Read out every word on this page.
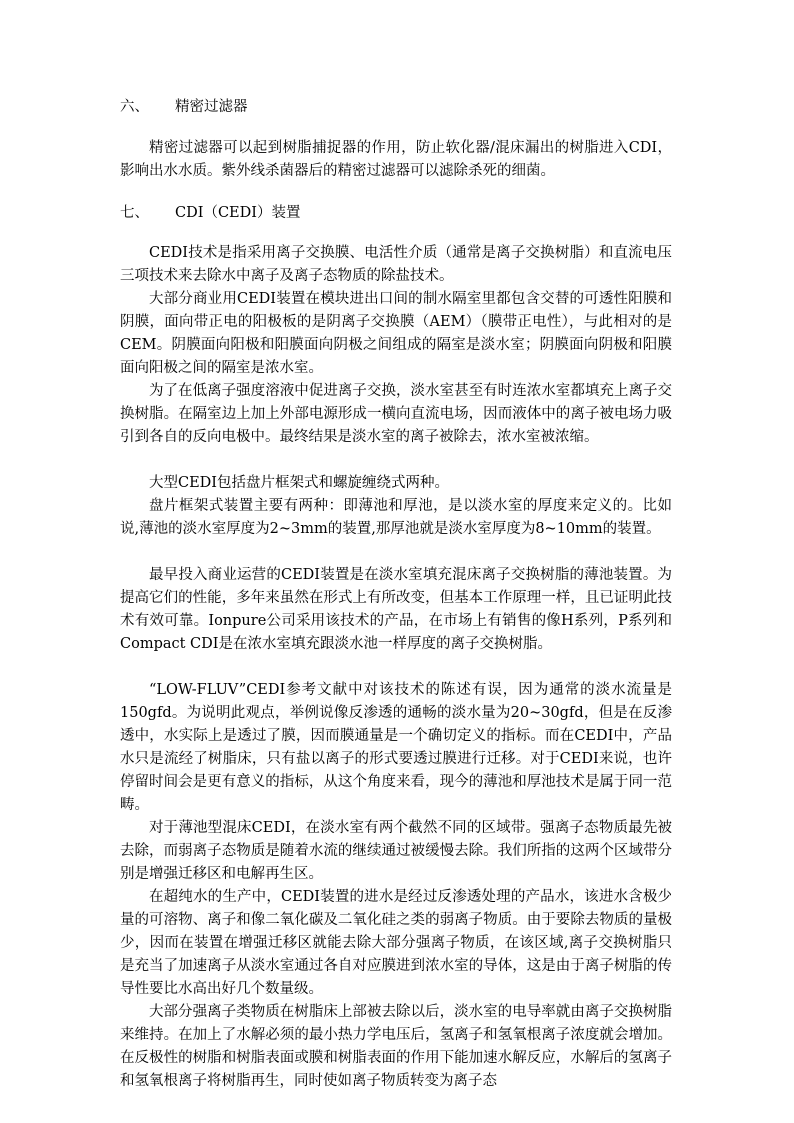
六、 精密过滤器

精密过滤器可以起到树脂捕捉器的作用，防止软化器/混床漏出的树脂进入CDI，影响出水水质。紫外线杀菌器后的精密过滤器可以滤除杀死的细菌。

七、 CDI（CEDI）装置

CEDI技术是指采用离子交换膜、电活性介质（通常是离子交换树脂）和直流电压三项技术来去除水中离子及离子态物质的除盐技术。

大部分商业用CEDI装置在模块进出口间的制水隔室里都包含交替的可透性阳膜和阴膜，面向带正电的阳极板的是阴离子交换膜（AEM）（膜带正电性），与此相对的是CEM。阴膜面向阳极和阳膜面向阴极之间组成的隔室是淡水室；阴膜面向阴极和阳膜面向阳极之间的隔室是浓水室。

为了在低离子强度溶液中促进离子交换，淡水室甚至有时连浓水室都填充上离子交换树脂。在隔室边上加上外部电源形成一横向直流电场，因而液体中的离子被电场力吸引到各自的反向电极中。最终结果是淡水室的离子被除去，浓水室被浓缩。

大型CEDI包括盘片框架式和螺旋缠绕式两种。

盘片框架式装置主要有两种：即薄池和厚池，是以淡水室的厚度来定义的。比如说,薄池的淡水室厚度为2~3mm的装置,那厚池就是淡水室厚度为8~10mm的装置。

最早投入商业运营的CEDI装置是在淡水室填充混床离子交换树脂的薄池装置。为提高它们的性能，多年来虽然在形式上有所改变，但基本工作原理一样，且已证明此技术有效可靠。Ionpure公司采用该技术的产品，在市场上有销售的像H系列，P系列和Compact CDI是在浓水室填充跟淡水池一样厚度的离子交换树脂。

“LOW-FLUV”CEDI参考文献中对该技术的陈述有误，因为通常的淡水流量是150gfd。为说明此观点，举例说像反渗透的通畅的淡水量为20~30gfd，但是在反渗透中，水实际上是透过了膜，因而膜通量是一个确切定义的指标。而在CEDI中，产品水只是流经了树脂床，只有盐以离子的形式要透过膜进行迁移。对于CEDI来说，也许停留时间会是更有意义的指标，从这个角度来看，现今的薄池和厚池技术是属于同一范畴。

对于薄池型混床CEDI，在淡水室有两个截然不同的区域带。强离子态物质最先被去除，而弱离子态物质是随着水流的继续通过被缓慢去除。我们所指的这两个区域带分别是增强迁移区和电解再生区。

在超纯水的生产中，CEDI装置的进水是经过反渗透处理的产品水，该进水含极少量的可溶物、离子和像二氧化碳及二氧化硅之类的弱离子物质。由于要除去物质的量极少，因而在装置在增强迁移区就能去除大部分强离子物质，在该区域,离子交换树脂只是充当了加速离子从淡水室通过各自对应膜进到浓水室的导体，这是由于离子树脂的传导性要比水高出好几个数量级。

大部分强离子类物质在树脂床上部被去除以后，淡水室的电导率就由离子交换树脂来维持。在加上了水解必须的最小热力学电压后，氢离子和氢氧根离子浓度就会增加。在反极性的树脂和树脂表面或膜和树脂表面的作用下能加速水解反应，水解后的氢离子和氢氧根离子将树脂再生，同时使如离子物质转变为离子态
